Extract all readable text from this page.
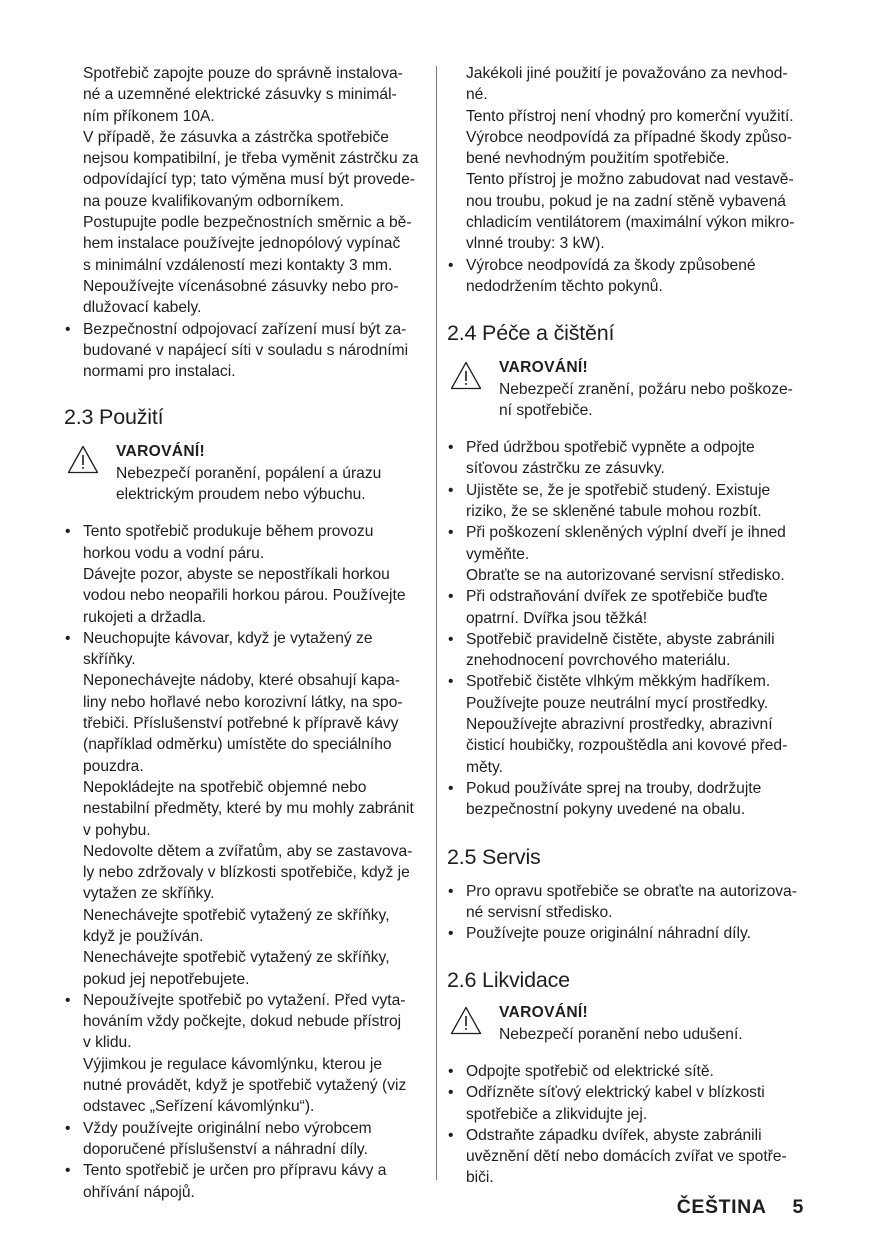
Spotřebič zapojte pouze do správně instalova-
né a uzemněné elektrické zásuvky s minimál-
ním příkonem 10A.
V případě, že zásuvka a zástrčka spotřebiče
nejsou kompatibilní, je třeba vyměnit zástrčku za
odpovídající typ; tato výměna musí být provede-
na pouze kvalifikovaným odborníkem.
Postupujte podle bezpečnostních směrnic a bě-
hem instalace používejte jednopólový vypínač
s minimální vzdáleností mezi kontakty 3 mm.
Nepoužívejte vícenásobné zásuvky nebo pro-
dlužovací kabely.
• Bezpečnostní odpojovací zařízení musí být za-
budované v napájecí síti v souladu s národními
normami pro instalaci.
2.3 Použití
VAROVÁNÍ!
Nebezpečí poranění, popálení a úrazu
elektrickým proudem nebo výbuchu.
• Tento spotřebič produkuje během provozu
horkou vodu a vodní páru.
Dávejte pozor, abyste se nepostříkali horkou
vodou nebo neopařili horkou párou. Používejte
rukojeti a držadla.
• Neuchopujte kávovar, když je vytažený ze skříňky.
Neponechávejte nádoby, které obsahují kapa-
liny nebo hořlavé nebo korozivní látky, na spo-
třebiči. Příslušenství potřebné k přípravě kávy
(například odměrku) umístěte do speciálního
pouzdra.
Nepokládejte na spotřebič objemné nebo
nestabilní předměty, které by mu mohly zabránit
v pohybu.
Nedovolte dětem a zvířatům, aby se zastavova-
ly nebo zdržovaly v blízkosti spotřebiče, když je
vytažen ze skříňky.
Nenechávejte spotřebič vytažený ze skříňky,
když je používán.
Nenechávejte spotřebič vytažený ze skříňky,
pokud jej nepotřebujete.
• Nepoužívejte spotřebič po vytažení. Před vyta-
hováním vždy počkejte, dokud nebude přístroj
v klidu.
Výjimkou je regulace kávomlýnku, kterou je
nutné provádět, když je spotřebič vytažený (viz
odstavec „Seřízení kávomlýnku“).
• Vždy používejte originální nebo výrobcem
doporučené příslušenství a náhradní díly.
• Tento spotřebič je určen pro přípravu kávy a
ohřívání nápojů.
Jakékoli jiné použití je považováno za nevhod-
né.
Tento přístroj není vhodný pro komerční využití.
Výrobce neodpovídá za případné škody způso-
bené nevhodným použitím spotřebiče.
Tento přístroj je možno zabudovat nad vestavě-
nou troubu, pokud je na zadní stěně vybavená
chladicím ventilátorem (maximální výkon mikro-
vlnné trouby: 3 kW).
• Výrobce neodpovídá za škody způsobené
nedodržením těchto pokynů.
2.4 Péče a čištění
VAROVÁNÍ!
Nebezpečí zranění, požáru nebo poškoze-
ní spotřebiče.
• Před údržbou spotřebič vypněte a odpojte
síťovou zástrčku ze zásuvky.
• Ujistěte se, že je spotřebič studený. Existuje
riziko, že se skleněné tabule mohou rozbít.
• Při poškození skleněných výplní dveří je ihned
vyměňte.
Obraťte se na autorizované servisní středisko.
• Při odstraňování dvířek ze spotřebiče buďte
opatrní. Dvířka jsou těžká!
• Spotřebič pravidelně čistěte, abyste zabránili
znehodnocení povrchového materiálu.
• Spotřebič čistěte vlhkým měkkým hadříkem.
Používejte pouze neutrální mycí prostředky.
Nepoužívejte abrazivní prostředky, abrazivní
čisticí houbičky, rozpouštědla ani kovové před-
měty.
• Pokud používáte sprej na trouby, dodržujte
bezpečnostní pokyny uvedené na obalu.
2.5 Servis
• Pro opravu spotřebiče se obraťte na autorizova-
né servisní středisko.
• Používejte pouze originální náhradní díly.
2.6 Likvidace
VAROVÁNÍ!
Nebezpečí poranění nebo udušení.
• Odpojte spotřebič od elektrické sítě.
• Odřízněte síťový elektrický kabel v blízkosti
spotřebiče a zlikvidujte jej.
• Odstraňte západku dvířek, abyste zabránili
uvěznění dětí nebo domácích zvířat ve spotře-
biči.
ČEŠTINA 5
